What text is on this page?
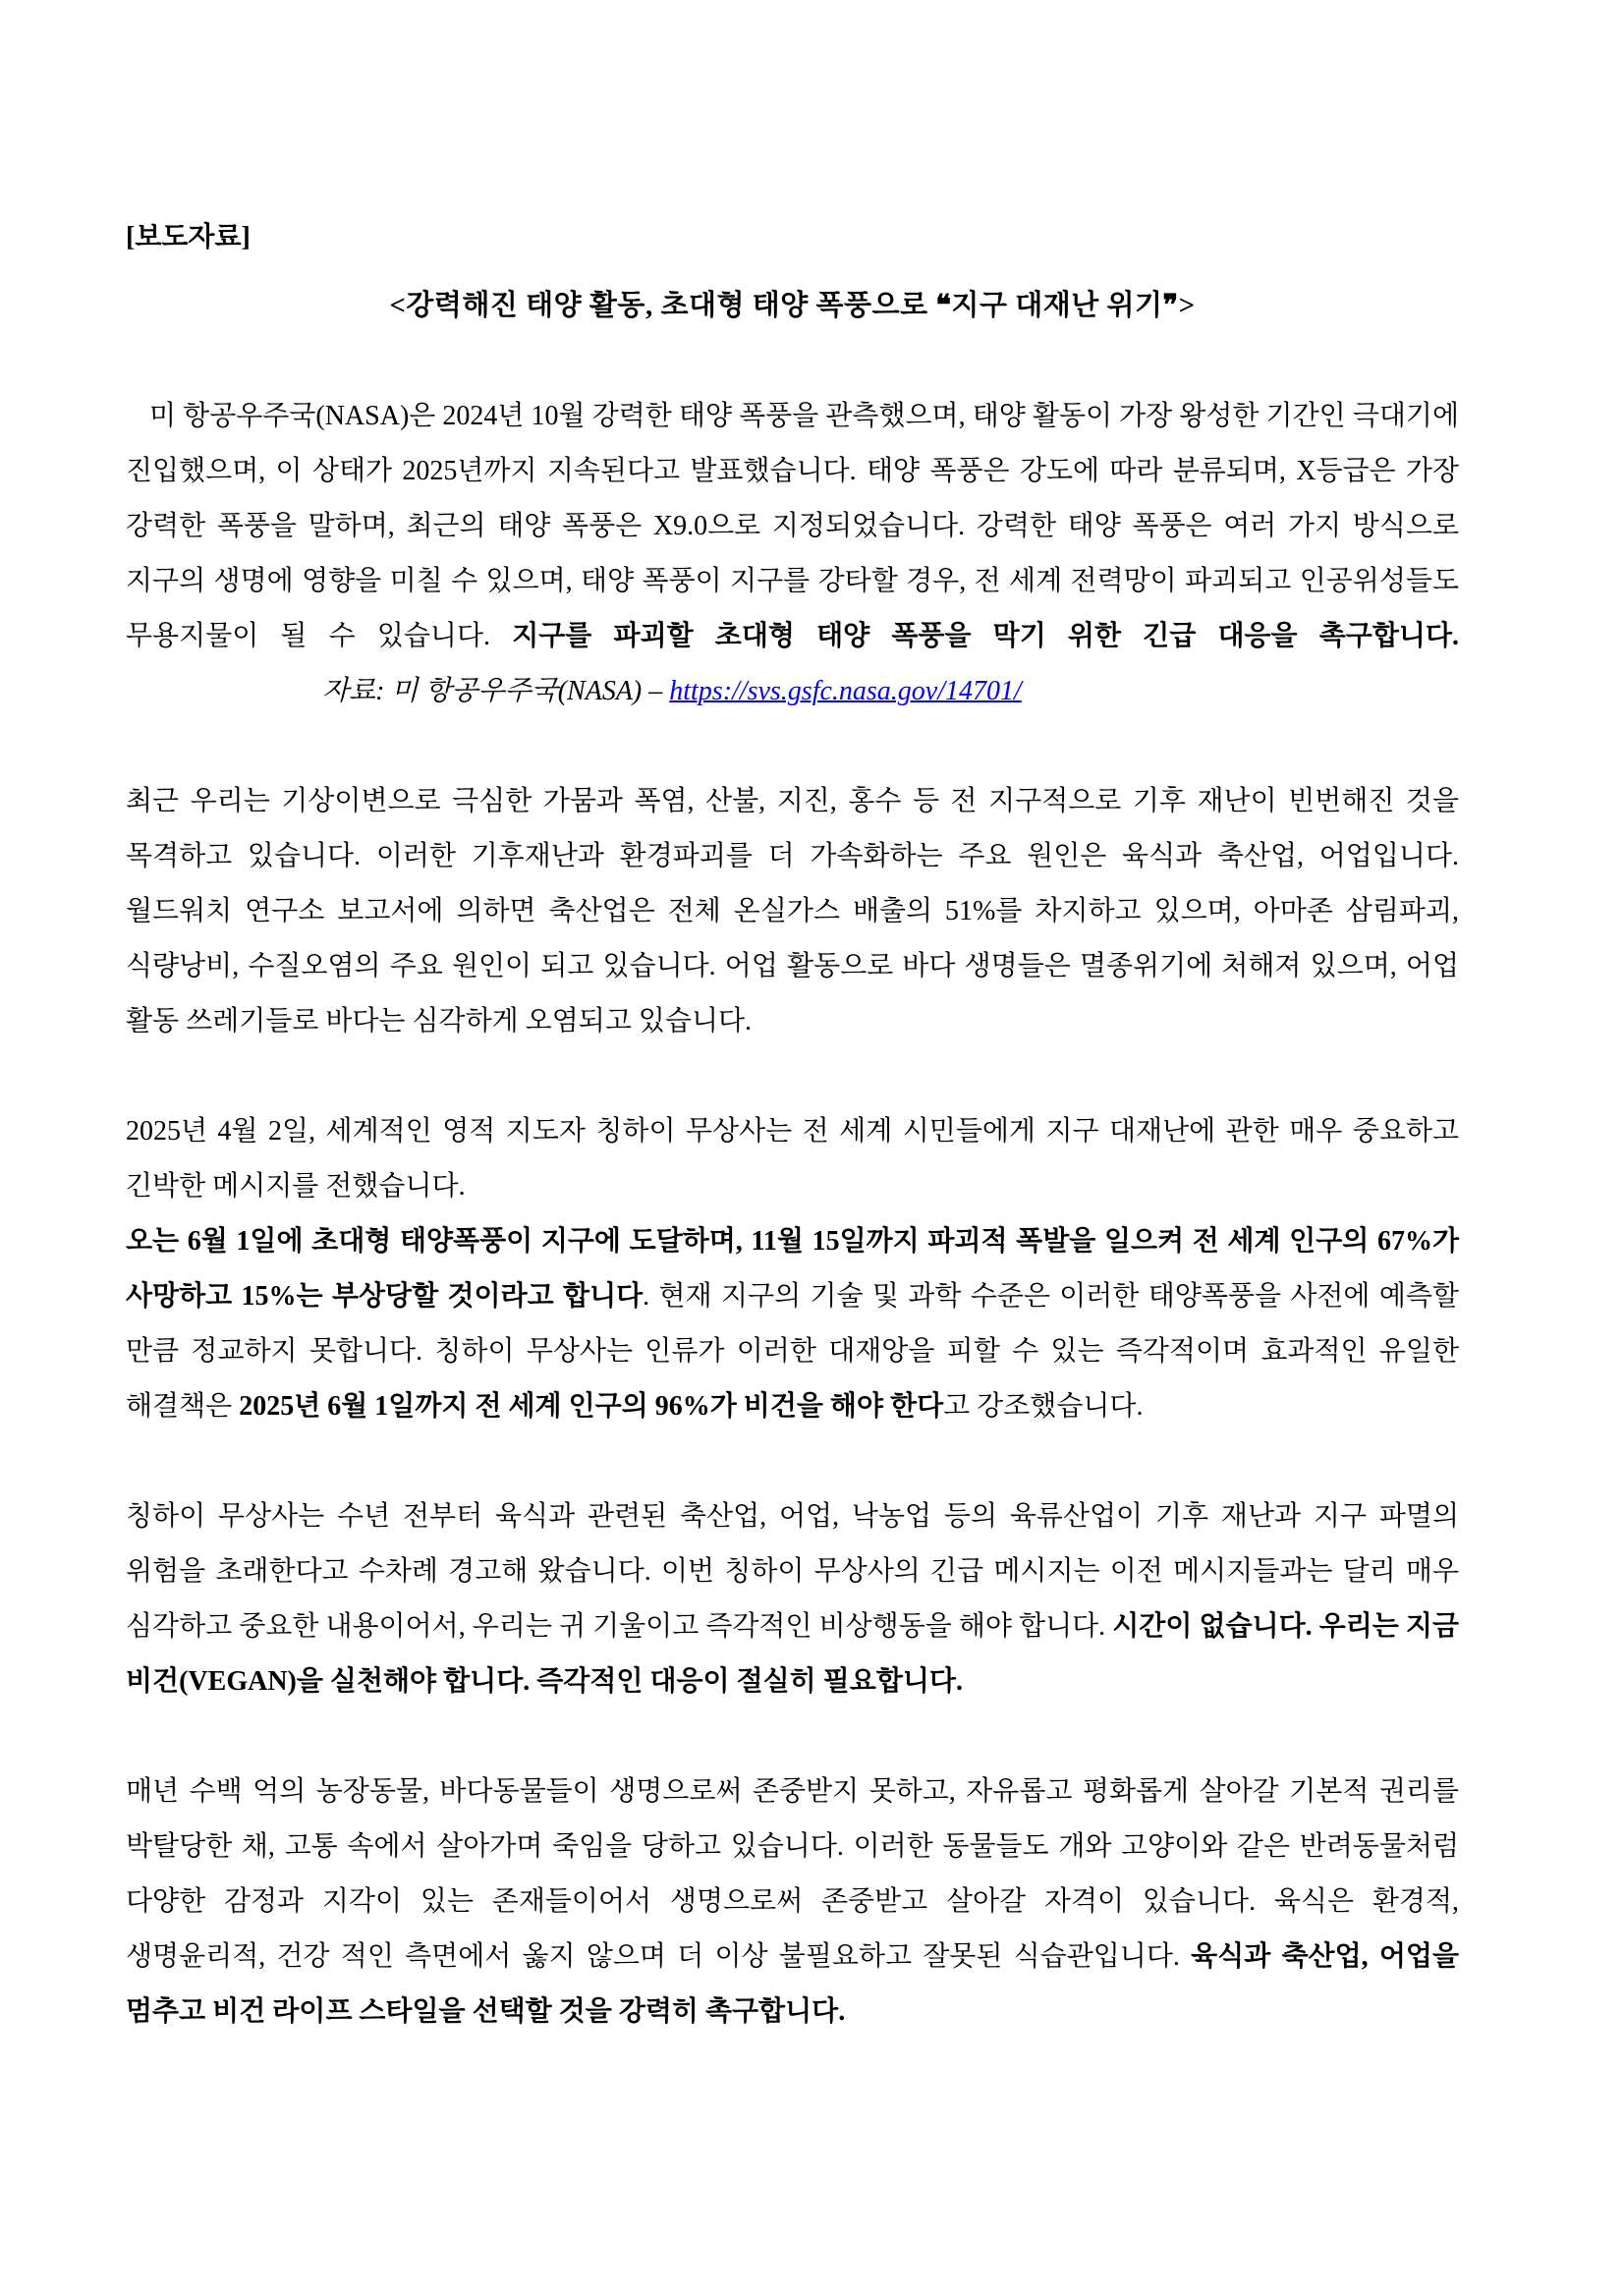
[보도자료]
<강력해진 태양 활동, 초대형 태양 폭풍으로 ❝지구 대재난 위기❞>

미 항공우주국(NASA)은 2024년 10월 강력한 태양 폭풍을 관측했으며, 태양 활동이 가장 왕성한 기간인 극대기에 진입했으며, 이 상태가 2025년까지 지속된다고 발표했습니다. 태양 폭풍은 강도에 따라 분류되며, X등급은 가장 강력한 폭풍을 말하며, 최근의 태양 폭풍은 X9.0으로 지정되었습니다. 강력한 태양 폭풍은 여러 가지 방식으로 지구의 생명에 영향을 미칠 수 있으며, 태양 폭풍이 지구를 강타할 경우, 전 세계 전력망이 파괴되고 인공위성들도 무용지물이 될 수 있습니다. 지구를 파괴할 초대형 태양 폭풍을 막기 위한 긴급 대응을 촉구합니다.자료: 미 항공우주국(NASA) – https://svs.gsfc.nasa.gov/14701/

최근 우리는 기상이변으로 극심한 가뭄과 폭염, 산불, 지진, 홍수 등 전 지구적으로 기후 재난이 빈번해진 것을 목격하고 있습니다. 이러한 기후재난과 환경파괴를 더 가속화하는 주요 원인은 육식과 축산업, 어업입니다. 월드워치 연구소 보고서에 의하면 축산업은 전체 온실가스 배출의 51%를 차지하고 있으며, 아마존 삼림파괴, 식량낭비, 수질오염의 주요 원인이 되고 있습니다. 어업 활동으로 바다 생명들은 멸종위기에 처해져 있으며, 어업 활동 쓰레기들로 바다는 심각하게 오염되고 있습니다.

2025년 4월 2일, 세계적인 영적 지도자 칭하이 무상사는 전 세계 시민들에게 지구 대재난에 관한 매우 중요하고 긴박한 메시지를 전했습니다.
오는 6월 1일에 초대형 태양폭풍이 지구에 도달하며, 11월 15일까지 파괴적 폭발을 일으켜 전 세계 인구의 67%가 사망하고 15%는 부상당할 것이라고 합니다. 현재 지구의 기술 및 과학 수준은 이러한 태양폭풍을 사전에 예측할 만큼 정교하지 못합니다. 칭하이 무상사는 인류가 이러한 대재앙을 피할 수 있는 즉각적이며 효과적인 유일한 해결책은 2025년 6월 1일까지 전 세계 인구의 96%가 비건을 해야 한다고 강조했습니다.

칭하이 무상사는 수년 전부터 육식과 관련된 축산업, 어업, 낙농업 등의 육류산업이 기후 재난과 지구 파멸의 위험을 초래한다고 수차례 경고해 왔습니다. 이번 칭하이 무상사의 긴급 메시지는 이전 메시지들과는 달리 매우 심각하고 중요한 내용이어서, 우리는 귀 기울이고 즉각적인 비상행동을 해야 합니다. 시간이 없습니다. 우리는 지금 비건(VEGAN)을 실천해야 합니다. 즉각적인 대응이 절실히 필요합니다.

매년 수백 억의 농장동물, 바다동물들이 생명으로써 존중받지 못하고, 자유롭고 평화롭게 살아갈 기본적 권리를 박탈당한 채, 고통 속에서 살아가며 죽임을 당하고 있습니다. 이러한 동물들도 개와 고양이와 같은 반려동물처럼 다양한 감정과 지각이 있는 존재들이어서 생명으로써 존중받고 살아갈 자격이 있습니다. 육식은 환경적, 생명윤리적, 건강 적인 측면에서 옳지 않으며 더 이상 불필요하고 잘못된 식습관입니다. 육식과 축산업, 어업을 멈추고 비건 라이프 스타일을 선택할 것을 강력히 촉구합니다.
